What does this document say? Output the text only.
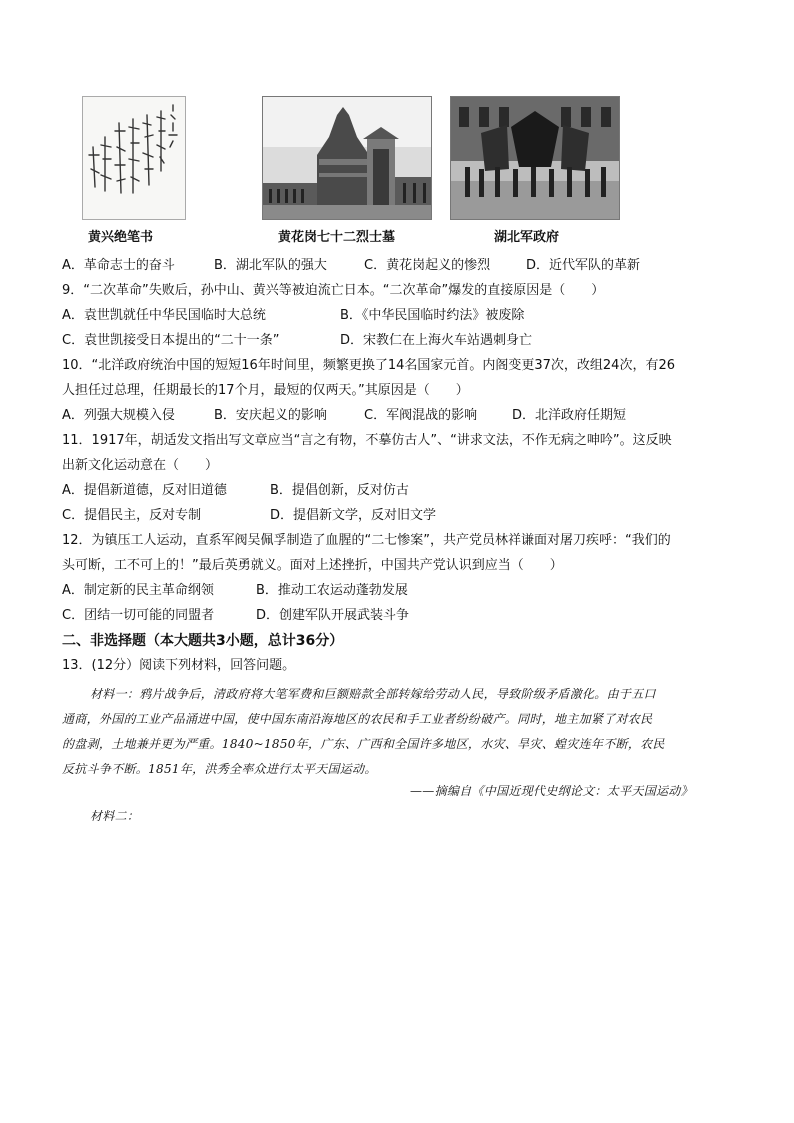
黄兴绝笔书	黄花岗七十二烈士墓	湖北军政府
A．革命志士的奋斗	B．湖北军队的强大	C．黄花岗起义的惨烈	D．近代军队的革新
9．“二次革命”失败后，孙中山、黄兴等被迫流亡日本。“二次革命”爆发的直接原因是（　　）
A．袁世凯就任中华民国临时大总统	B．《中华民国临时约法》被废除
C．袁世凯接受日本提出的“二十一条”	D．宋教仁在上海火车站遇刺身亡
10．“北洋政府统治中国的短短16年时间里，频繁更换了14名国家元首。内阁变更37次，改组24次，有26
人担任过总理，任期最长的17个月，最短的仅两天。”其原因是（　　）
A．列强大规模入侵	B．安庆起义的影响	C．军阀混战的影响	D．北洋政府任期短
11．1917年，胡适发文指出写文章应当“言之有物，不摹仿古人”、“讲求文法，不作无病之呻吟”。这反映
出新文化运动意在（　　）
A．提倡新道德，反对旧道德	B．提倡创新，反对仿古
C．提倡民主，反对专制	D．提倡新文学，反对旧文学
12．为镇压工人运动，直系军阀吴佩孚制造了血腥的“二七惨案”，共产党员林祥谦面对屠刀疾呼：“我们的
头可断，工不可上的！”最后英勇就义。面对上述挫折，中国共产党认识到应当（　　）
A．制定新的民主革命纲领	B．推动工农运动蓬勃发展
C．团结一切可能的同盟者	D．创建军队开展武装斗争
二、非选择题（本大题共3小题，总计36分）
13．(12分）阅读下列材料，回答问题。
材料一：鸦片战争后，清政府将大笔军费和巨额赔款全部转嫁给劳动人民，导致阶级矛盾激化。由于五口
通商，外国的工业产品涌进中国，使中国东南沿海地区的农民和手工业者纷纷破产。同时，地主加紧了对农民
的盘剥，土地兼并更为严重。1840~1850年，广东、广西和全国许多地区，水灾、旱灾、蝗灾连年不断，农民
反抗斗争不断。1851年，洪秀全率众进行太平天国运动。
——摘编自《中国近现代史纲论文：太平天国运动》
材料二：
